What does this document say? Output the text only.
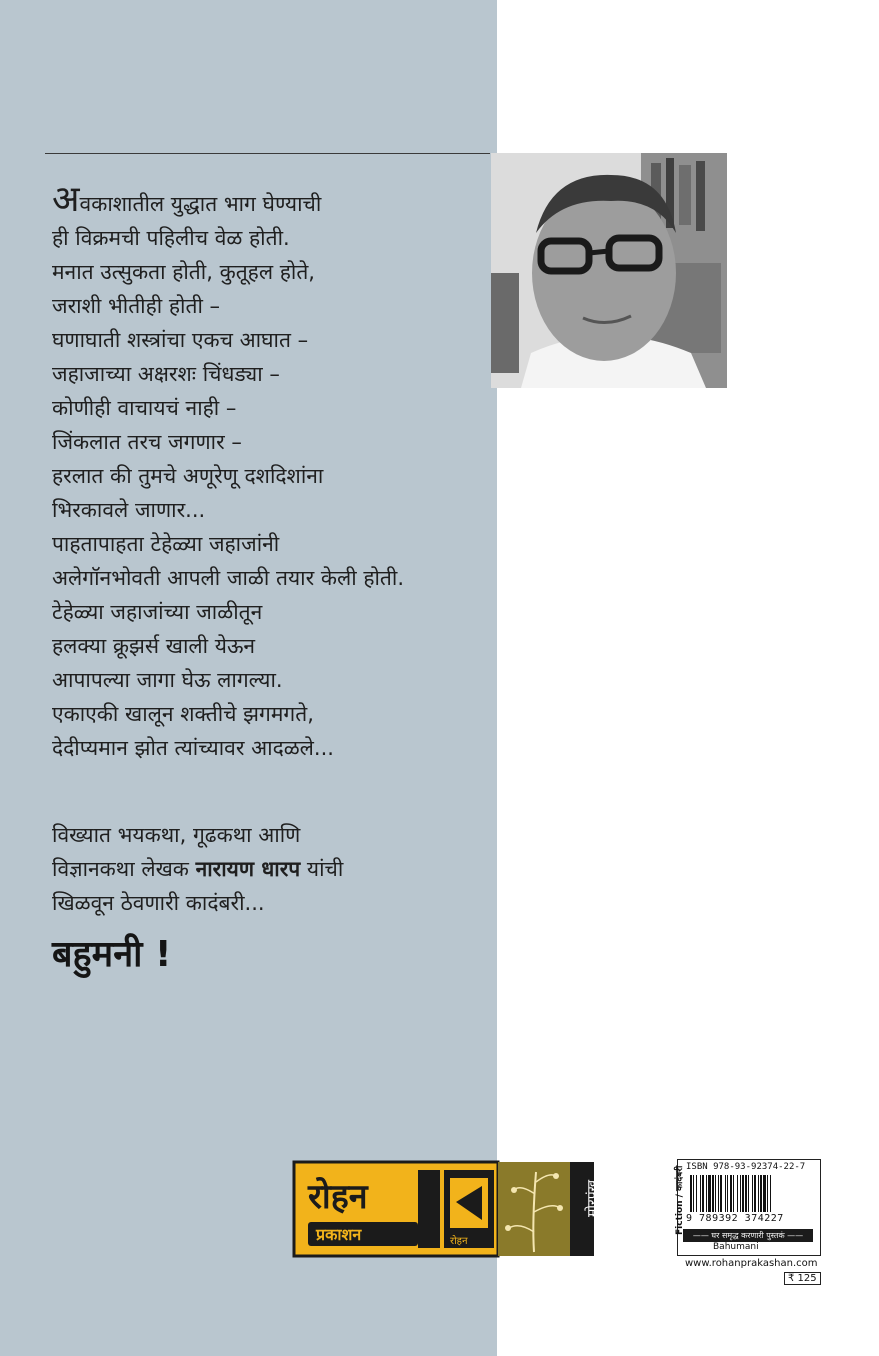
अवकाशातील युद्धात भाग घेण्याची
ही विक्रमची पहिलीच वेळ होती.
मनात उत्सुकता होती, कुतूहल होते,
जराशी भीतीही होती –
घणाघाती शस्त्रांचा एकच आघात –
जहाजाच्या अक्षरशः चिंधड्या –
कोणीही वाचायचं नाही –
जिंकलात तरच जगणार –
हरलात की तुमचे अणूरेणू दशदिशांना
भिरकावले जाणार...
पाहतापाहता टेहेळ्या जहाजांनी
अलेगॉनभोवती आपली जाळी तयार केली होती.
टेहेळ्या जहाजांच्या जाळीतून
हलक्या क्रूझर्स खाली येऊन
आपापल्या जागा घेऊ लागल्या.
एकाएकी खालून शक्तीचे झगमगते,
देदीप्यमान झोत त्यांच्यावर आदळले...
विख्यात भयकथा, गूढकथा आणि
विज्ञानकथा लेखक नारायण धारप यांची
खिळवून ठेवणारी कादंबरी...
बहुमनी !
रोहन
प्रकाशन	रोहन
मोरपंख
ISBN 978-93-92374-22-7
9 789392 374227
—— घर समृद्ध करणारी पुस्तकं ——
Bahumani
Fiction / कादंबरी
www.rohanprakashan.com
₹ 125
